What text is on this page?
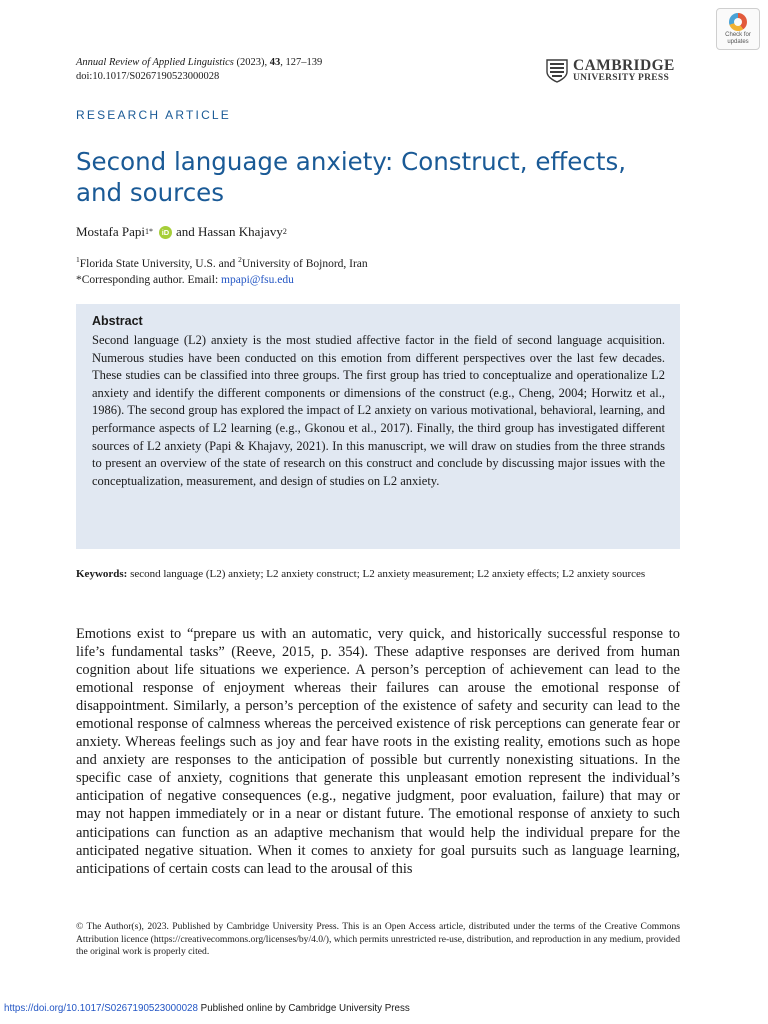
Check for updates
Annual Review of Applied Linguistics (2023), 43, 127–139
doi:10.1017/S0267190523000028
CAMBRIDGE
UNIVERSITY PRESS
RESEARCH ARTICLE
Second language anxiety: Construct, effects, and sources
Mostafa Papi 1*	iD and Hassan Khajavy 2
$^1$Florida State University, U.S. and $^2$University of Bojnord, Iran
*Corresponding author. Email: mpapi@fsu.edu
Abstract
Second language (L2) anxiety is the most studied affective factor in the field of second language acquisition. Numerous studies have been conducted on this emotion from different perspectives over the last few decades. These studies can be classified into three groups. The first group has tried to conceptualize and operationalize L2 anxiety and identify the different components or dimensions of the construct (e.g., Cheng, 2004; Horwitz et al., 1986). The second group has explored the impact of L2 anxiety on various motivational, behavioral, learning, and performance aspects of L2 learning (e.g., Gkonou et al., 2017). Finally, the third group has investigated different sources of L2 anxiety (Papi & Khajavy, 2021). In this manuscript, we will draw on studies from the three strands to present an overview of the state of research on this construct and conclude by discussing major issues with the conceptualization, measurement, and design of studies on L2 anxiety.
Keywords: second language (L2) anxiety; L2 anxiety construct; L2 anxiety measurement; L2 anxiety effects; L2 anxiety sources
Emotions exist to “prepare us with an automatic, very quick, and historically successful response to life’s fundamental tasks” (Reeve, 2015, p. 354). These adaptive responses are derived from human cognition about life situations we experience. A person’s perception of achievement can lead to the emotional response of enjoyment whereas their failures can arouse the emotional response of disappointment. Similarly, a person’s perception of the existence of safety and security can lead to the emotional response of calmness whereas the perceived existence of risk perceptions can generate fear or anxiety. Whereas feelings such as joy and fear have roots in the existing reality, emotions such as hope and anxiety are responses to the anticipation of possible but currently nonexisting situations. In the specific case of anxiety, cognitions that generate this unpleasant emotion represent the individual’s anticipation of negative consequences (e.g., negative judgment, poor evaluation, failure) that may or may not happen immediately or in a near or distant future. The emotional response of anxiety to such anticipations can function as an adaptive mechanism that would help the individual prepare for the anticipated negative situation. When it comes to anxiety for goal pursuits such as language learning, anticipations of certain costs can lead to the arousal of this
© The Author(s), 2023. Published by Cambridge University Press. This is an Open Access article, distributed under the terms of the Creative Commons Attribution licence (https://creativecommons.org/licenses/by/4.0/), which permits unrestricted re-use, distribution, and reproduction in any medium, provided the original work is properly cited.
https://doi.org/10.1017/S0267190523000028 Published online by Cambridge University Press
